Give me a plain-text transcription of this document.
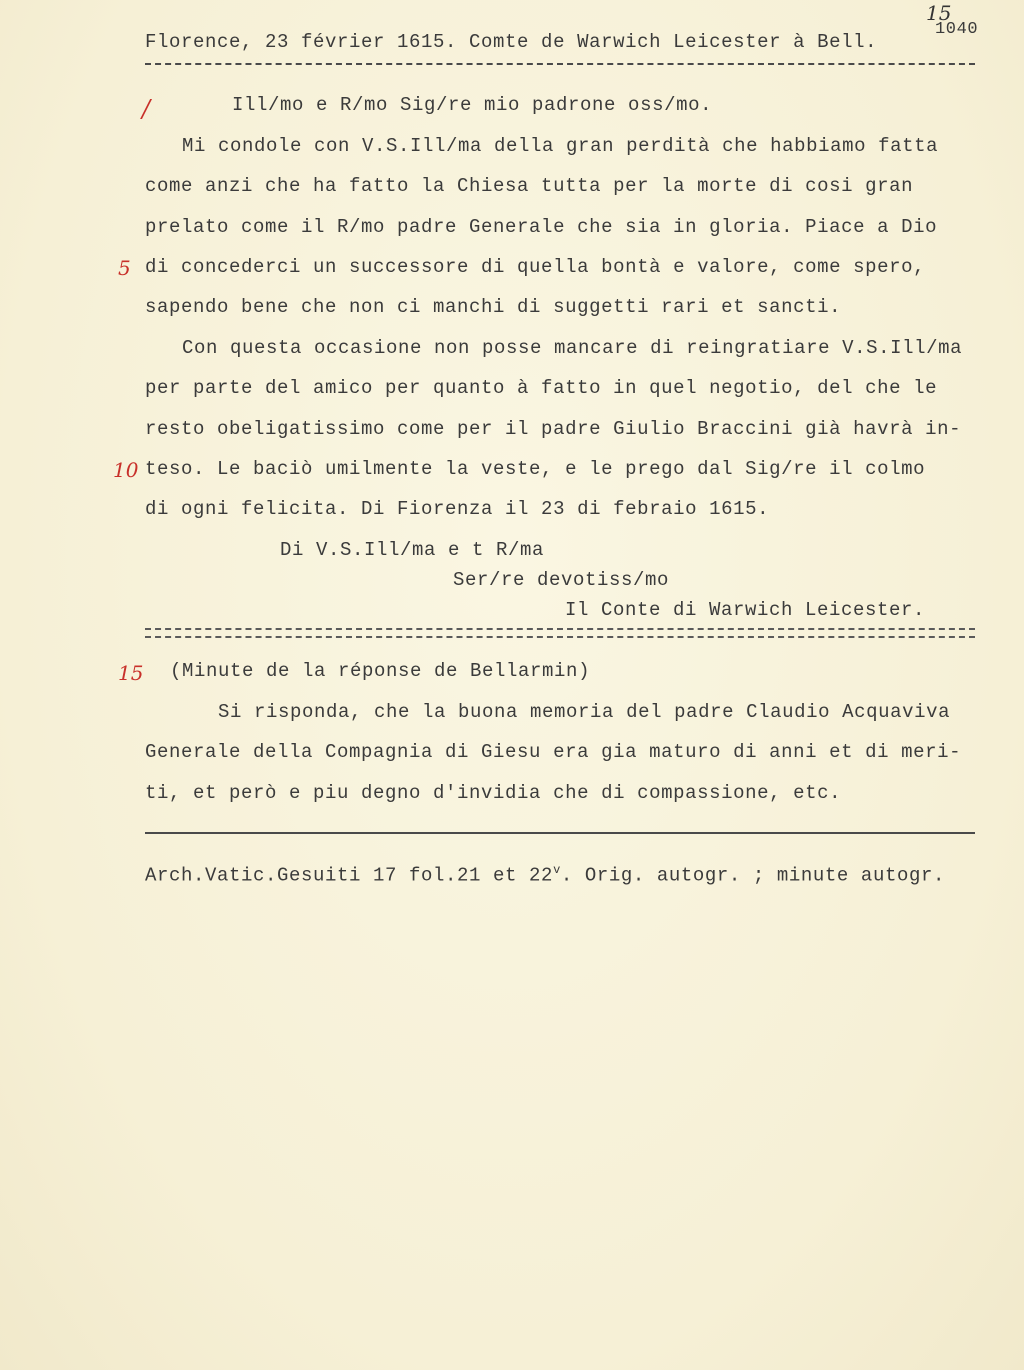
Florence, 23 février 1615. Comte de Warwich Leicester à Bell.
1040
15
/	Ill/mo e R/mo Sig/re mio padrone oss/mo.
Mi condole con V.S.Ill/ma della gran perdità che habbiamo fatta
come anzi che ha fatto la Chiesa tutta per la morte di cosi gran
prelato come il R/mo padre Generale che sia in gloria. Piace a Dio
5 di concederci un successore di quella bontà e valore, come spero,
sapendo bene che non ci manchi di suggetti rari et sancti.
Con questa occasione non posse mancare di reingratiare V.S.Ill/ma
per parte del amico per quanto à fatto in quel negotio, del che le
resto obeligatissimo come per il padre Giulio Braccini già havrà in-
10 teso. Le baciò umilmente la veste, e le prego dal Sig/re il colmo
di ogni felicita. Di Fiorenza il 23 di febraio 1615.
Di V.S.Ill/ma e t R/ma
Ser/re devotiss/mo
Il Conte di Warwich Leicester.
15 (Minute de la réponse de Bellarmin)
Si risponda, che la buona memoria del padre Claudio Acquaviva
Generale della Compagnia di Giesu era gia maturo di anni et di meri-
ti, et però e piu degno d'invidia che di compassione, etc.
Arch.Vatic.Gesuiti 17 fol.21 et 22$^v$. Orig. autogr. ; minute autogr.
